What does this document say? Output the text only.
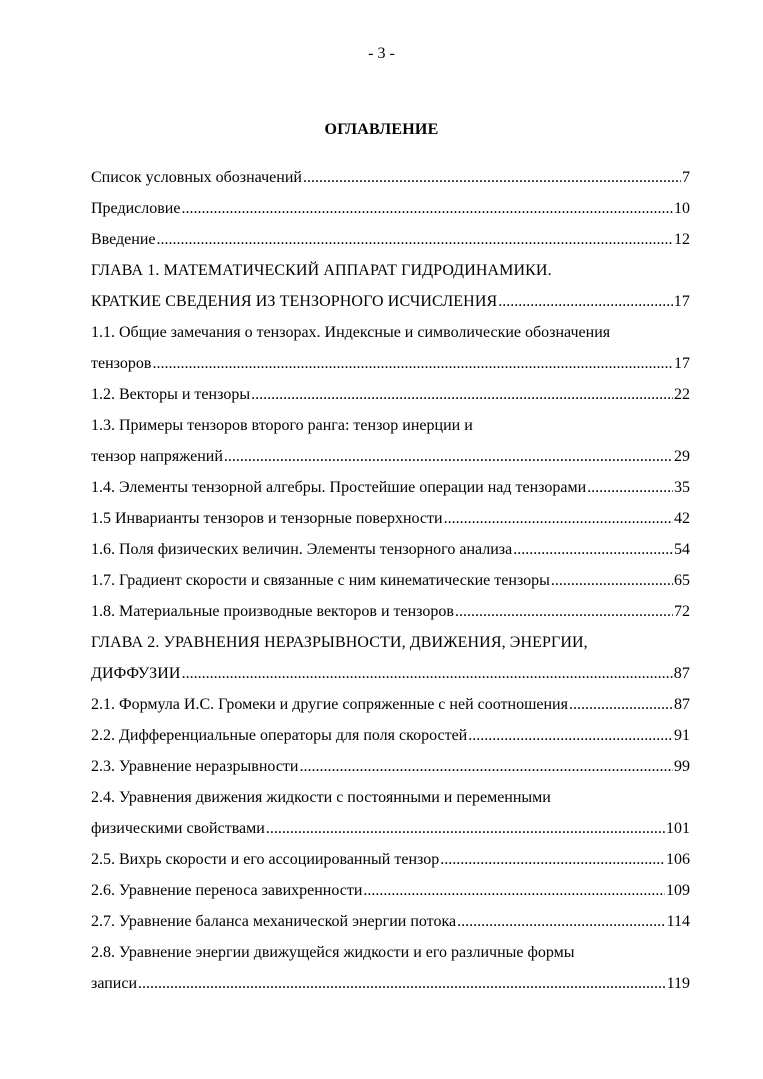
- 3 -
ОГЛАВЛЕНИЕ
Список условных обозначений .....	7
Предисловие .....	10
Введение .....	12
ГЛАВА 1. МАТЕМАТИЧЕСКИЙ АППАРАТ ГИДРОДИНАМИКИ.
КРАТКИЕ СВЕДЕНИЯ ИЗ ТЕНЗОРНОГО ИСЧИСЛЕНИЯ .....	17
1.1. Общие замечания о тензорах. Индексные и символические обозначения
тензоров .....	17
1.2. Векторы и тензоры .....	22
1.3. Примеры тензоров второго ранга: тензор инерции и
тензор напряжений .....	29
1.4. Элементы тензорной алгебры. Простейшие операции над тензорами .....	35
1.5 Инварианты тензоров и тензорные поверхности .....	42
1.6. Поля физических величин. Элементы тензорного анализа .....	54
1.7. Градиент скорости и связанные с ним кинематические тензоры .....	65
1.8. Материальные производные векторов и тензоров .....	72
ГЛАВА 2. УРАВНЕНИЯ НЕРАЗРЫВНОСТИ, ДВИЖЕНИЯ, ЭНЕРГИИ,
ДИФФУЗИИ .....	87
2.1. Формула И.С. Громеки и другие сопряженные с ней соотношения .....	87
2.2. Дифференциальные операторы для поля скоростей .....	91
2.3. Уравнение неразрывности .....	99
2.4. Уравнения движения жидкости с постоянными и переменными
физическими свойствами .....	101
2.5. Вихрь скорости и его ассоциированный тензор .....	106
2.6. Уравнение переноса завихренности .....	109
2.7. Уравнение баланса механической энергии потока .....	114
2.8. Уравнение энергии движущейся жидкости и его различные формы
записи .....	119
